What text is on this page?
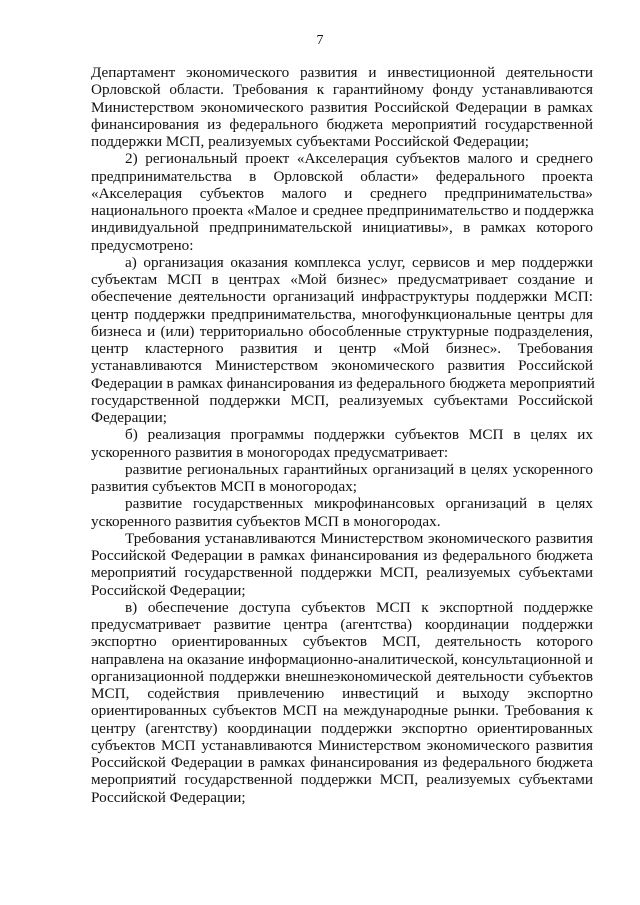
7
Департамент экономического развития и инвестиционной деятельности
Орловской области. Требования к гарантийному фонду устанавливаются
Министерством экономического развития Российской Федерации в рамках
финансирования из федерального бюджета мероприятий государственной
поддержки МСП, реализуемых субъектами Российской Федерации;
2) региональный проект «Акселерация субъектов малого и среднего
предпринимательства в Орловской области» федерального проекта
«Акселерация субъектов малого и среднего предпринимательства»
национального проекта «Малое и среднее предпринимательство и поддержка
индивидуальной предпринимательской инициативы», в рамках которого
предусмотрено:
а) организация оказания комплекса услуг, сервисов и мер поддержки
субъектам МСП в центрах «Мой бизнес» предусматривает создание и
обеспечение деятельности организаций инфраструктуры поддержки МСП:
центр поддержки предпринимательства, многофункциональные центры для
бизнеса и (или) территориально обособленные структурные подразделения,
центр кластерного развития и центр «Мой бизнес». Требования
устанавливаются Министерством экономического развития Российской
Федерации в рамках финансирования из федерального бюджета мероприятий
государственной поддержки МСП, реализуемых субъектами Российской
Федерации;
б) реализация программы поддержки субъектов МСП в целях их
ускоренного развития в моногородах предусматривает:
развитие региональных гарантийных организаций в целях ускоренного
развития субъектов МСП в моногородах;
развитие государственных микрофинансовых организаций в целях
ускоренного развития субъектов МСП в моногородах.
Требования устанавливаются Министерством экономического развития
Российской Федерации в рамках финансирования из федерального бюджета
мероприятий государственной поддержки МСП, реализуемых субъектами
Российской Федерации;
в) обеспечение доступа субъектов МСП к экспортной поддержке
предусматривает развитие центра (агентства) координации поддержки
экспортно ориентированных субъектов МСП, деятельность которого
направлена на оказание информационно-аналитической, консультационной и
организационной поддержки внешнеэкономической деятельности субъектов
МСП, содействия привлечению инвестиций и выходу экспортно
ориентированных субъектов МСП на международные рынки. Требования к
центру (агентству) координации поддержки экспортно ориентированных
субъектов МСП устанавливаются Министерством экономического развития
Российской Федерации в рамках финансирования из федерального бюджета
мероприятий государственной поддержки МСП, реализуемых субъектами
Российской Федерации;
